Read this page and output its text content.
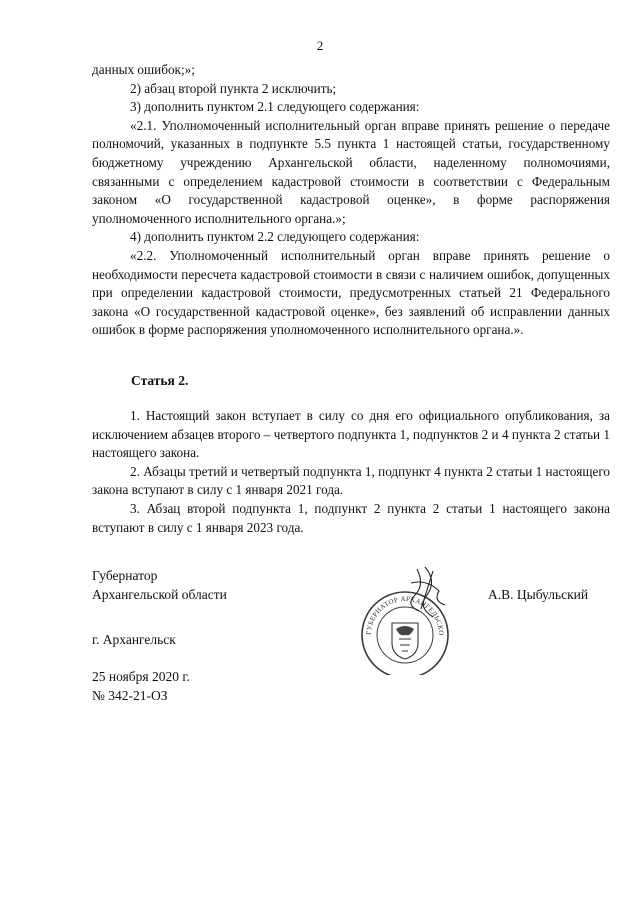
2

данных ошибок;»;

2) абзац второй пункта 2 исключить;

3) дополнить пунктом 2.1 следующего содержания:

«2.1. Уполномоченный исполнительный орган вправе принять решение о передаче полномочий, указанных в подпункте 5.5 пункта 1 настоящей статьи, государственному бюджетному учреждению Архангельской области, наделенному полномочиями, связанными с определением кадастровой стоимости в соответствии с Федеральным законом «О государственной кадастровой оценке», в форме распоряжения уполномоченного исполнительного органа.»;

4) дополнить пунктом 2.2 следующего содержания:

«2.2. Уполномоченный исполнительный орган вправе принять решение о необходимости пересчета кадастровой стоимости в связи с наличием ошибок, допущенных при определении кадастровой стоимости, предусмотренных статьей 21 Федерального закона «О государственной кадастровой оценке», без заявлений об исправлении данных ошибок в форме распоряжения уполномоченного исполнительного органа.».

Статья 2.

1. Настоящий закон вступает в силу со дня его официального опубликования, за исключением абзацев второго – четвертого подпункта 1, подпунктов 2 и 4 пункта 2 статьи 1 настоящего закона.

2. Абзацы третий и четвертый подпункта 1, подпункт 4 пункта 2 статьи 1 настоящего закона вступают в силу с 1 января 2021 года.

3. Абзац второй подпункта 1, подпункт 2 пункта 2 статьи 1 настоящего закона вступают в силу с 1 января 2023 года.

Губернатор
Архангельской области	А.В. Цыбульский
ГУБЕРНАТОР АРХАНГЕЛЬСКО
г. Архангельск
25 ноября 2020 г.
№ 342-21-ОЗ
